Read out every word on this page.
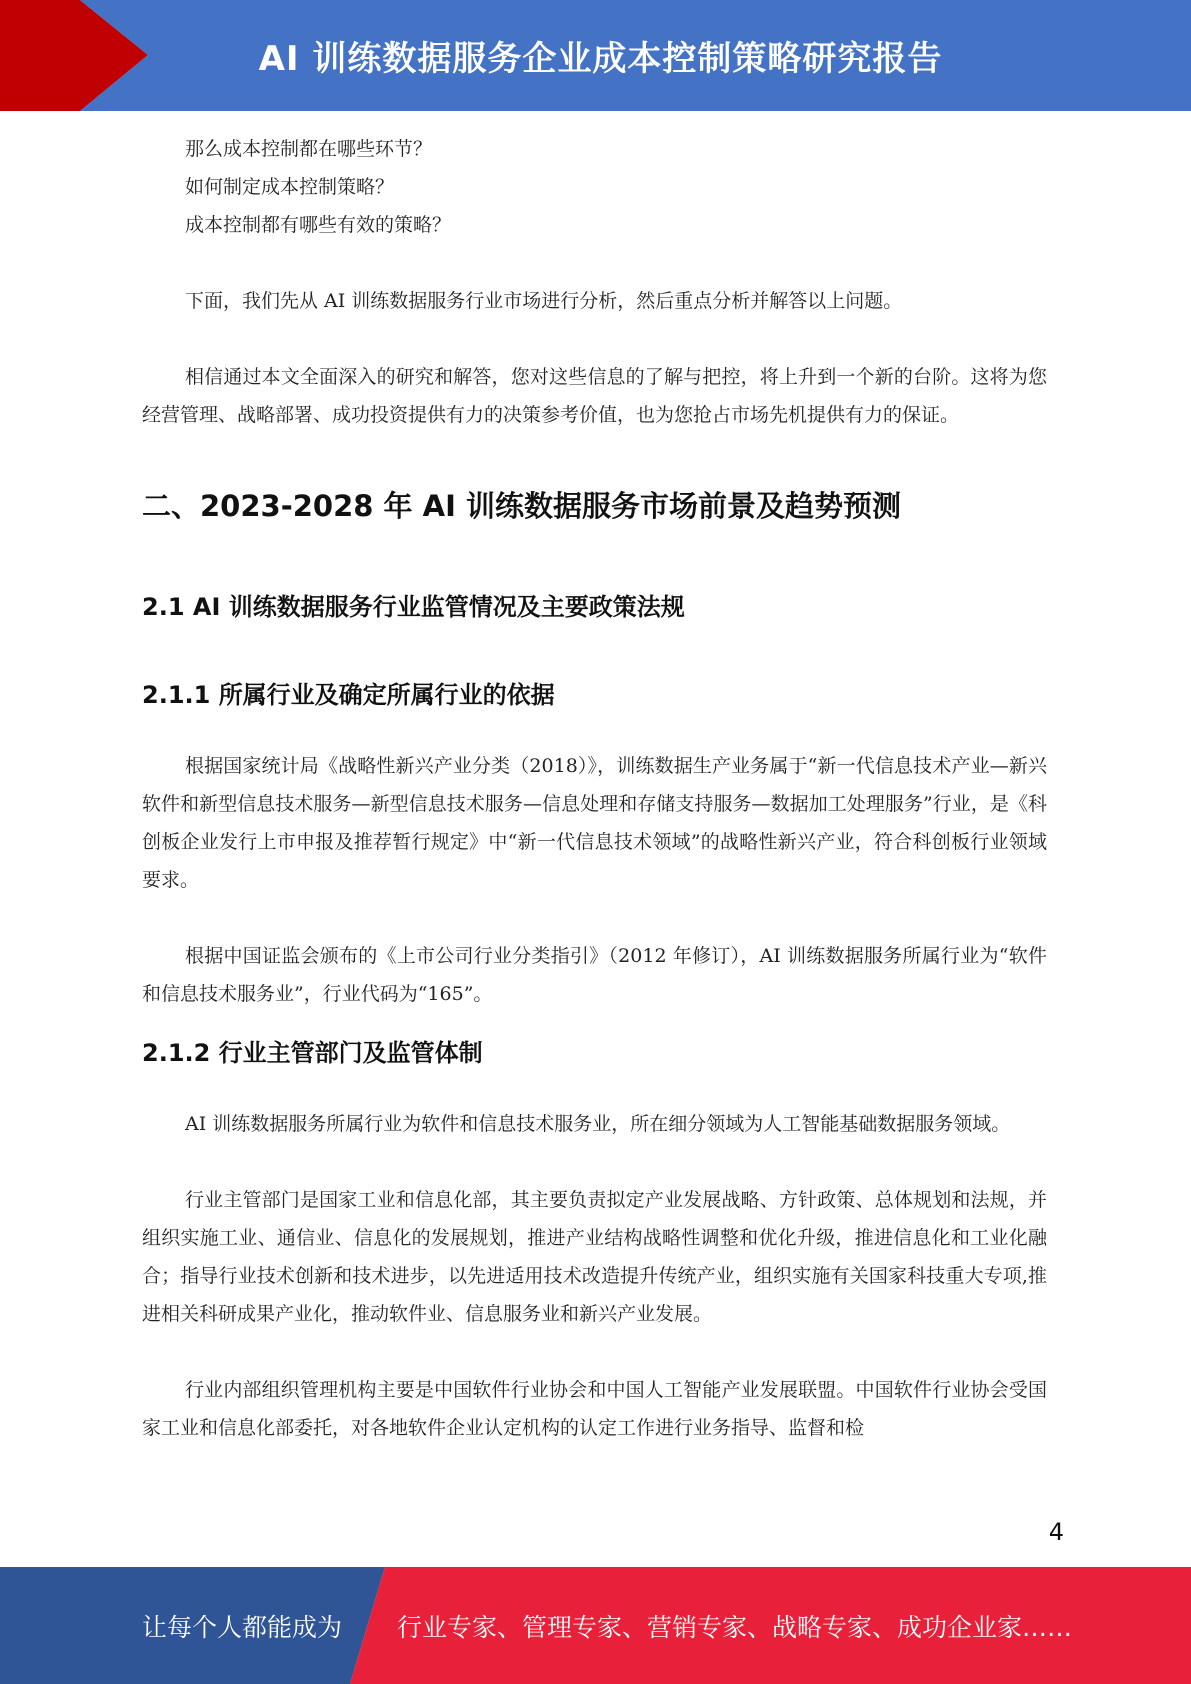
AI 训练数据服务企业成本控制策略研究报告

那么成本控制都在哪些环节？

如何制定成本控制策略？

成本控制都有哪些有效的策略？

下面，我们先从 AI 训练数据服务行业市场进行分析，然后重点分析并解答以上问题。

相信通过本文全面深入的研究和解答，您对这些信息的了解与把控，将上升到一个新的台阶。这将为您经营管理、战略部署、成功投资提供有力的决策参考价值，也为您抢占市场先机提供有力的保证。

二、2023-2028 年 AI 训练数据服务市场前景及趋势预测
2.1 AI 训练数据服务行业监管情况及主要政策法规
2.1.1 所属行业及确定所属行业的依据

根据国家统计局《战略性新兴产业分类（2018）》，训练数据生产业务属于“新一代信息技术产业—新兴软件和新型信息技术服务—新型信息技术服务—信息处理和存储支持服务—数据加工处理服务”行业，是《科创板企业发行上市申报及推荐暂行规定》中“新一代信息技术领域”的战略性新兴产业，符合科创板行业领域要求。

根据中国证监会颁布的《上市公司行业分类指引》（2012 年修订），AI 训练数据服务所属行业为“软件和信息技术服务业”，行业代码为“165”。

2.1.2 行业主管部门及监管体制

AI 训练数据服务所属行业为软件和信息技术服务业，所在细分领域为人工智能基础数据服务领域。

行业主管部门是国家工业和信息化部，其主要负责拟定产业发展战略、方针政策、总体规划和法规，并组织实施工业、通信业、信息化的发展规划，推进产业结构战略性调整和优化升级，推进信息化和工业化融合；指导行业技术创新和技术进步，以先进适用技术改造提升传统产业，组织实施有关国家科技重大专项,推进相关科研成果产业化，推动软件业、信息服务业和新兴产业发展。

行业内部组织管理机构主要是中国软件行业协会和中国人工智能产业发展联盟。中国软件行业协会受国家工业和信息化部委托，对各地软件企业认定机构的认定工作进行业务指导、监督和检

4
让每个人都能成为 行业专家、管理专家、营销专家、战略专家、成功企业家……
